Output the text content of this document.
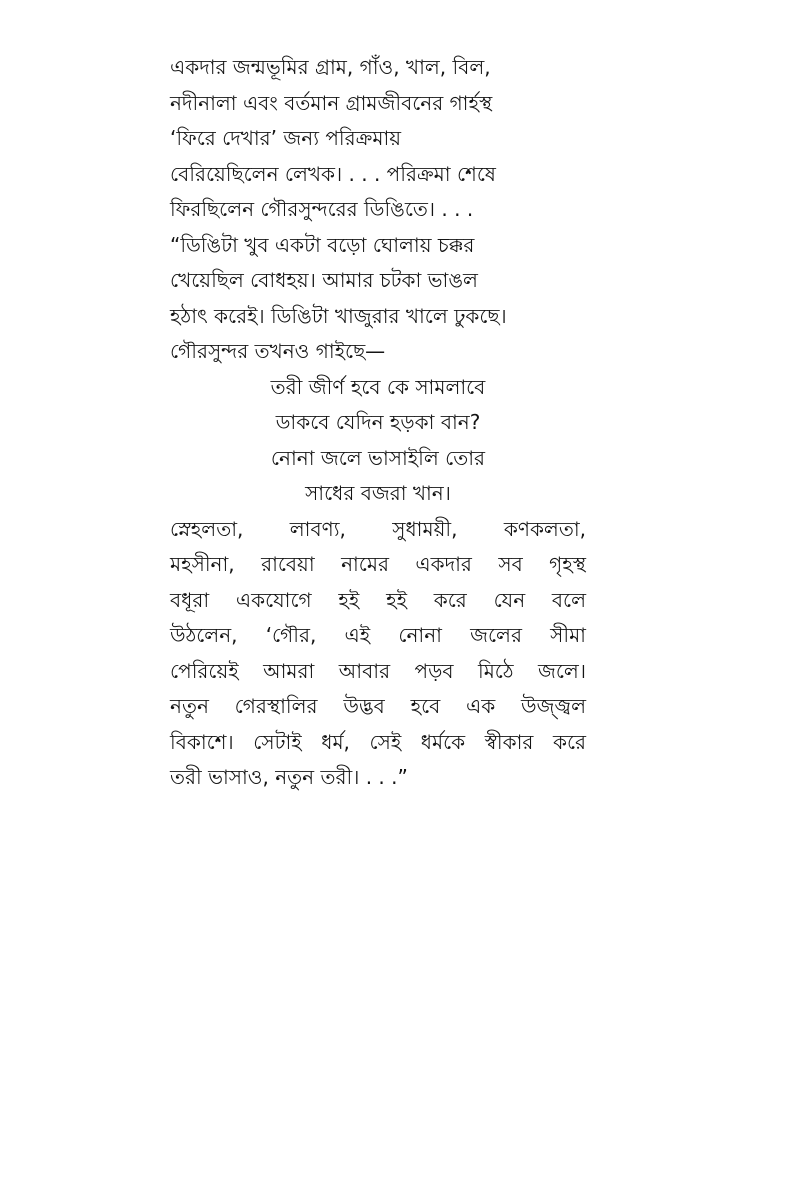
একদার জন্মভূমির গ্রাম, গাঁও, খাল, বিল,
নদীনালা এবং বর্তমান গ্রামজীবনের গার্হস্থ
‘ফিরে দেখার’ জন্য পরিক্রমায়
বেরিয়েছিলেন লেখক। . . . পরিক্রমা শেষে
ফিরছিলেন গৌরসুন্দরের ডিঙিতে। . . .
“ডিঙিটা খুব একটা বড়ো ঘোলায় চক্কর
খেয়েছিল বোধহয়। আমার চটকা ভাঙল
হঠাৎ করেই। ডিঙিটা খাজুরার খালে ঢুকছে।
গৌরসুন্দর তখনও গাইছে—
তরী জীর্ণ হবে কে সামলাবে
ডাকবে যেদিন হড়কা বান?
নোনা জলে ভাসাইলি তোর
সাধের বজরা খান।
স্নেহলতা, লাবণ্য, সুধাময়ী, কণকলতা,
মহসীনা, রাবেয়া নামের একদার সব গৃহস্থ
বধূরা একযোগে হই হই করে যেন বলে
উঠলেন, ‘গৌর, এই নোনা জলের সীমা
পেরিয়েই আমরা আবার পড়ব মিঠে জলে।
নতুন গেরস্থালির উদ্ভব হবে এক উজ্জ্বল
বিকাশে। সেটাই ধর্ম, সেই ধর্মকে স্বীকার করে
তরী ভাসাও, নতুন তরী। . . .”
